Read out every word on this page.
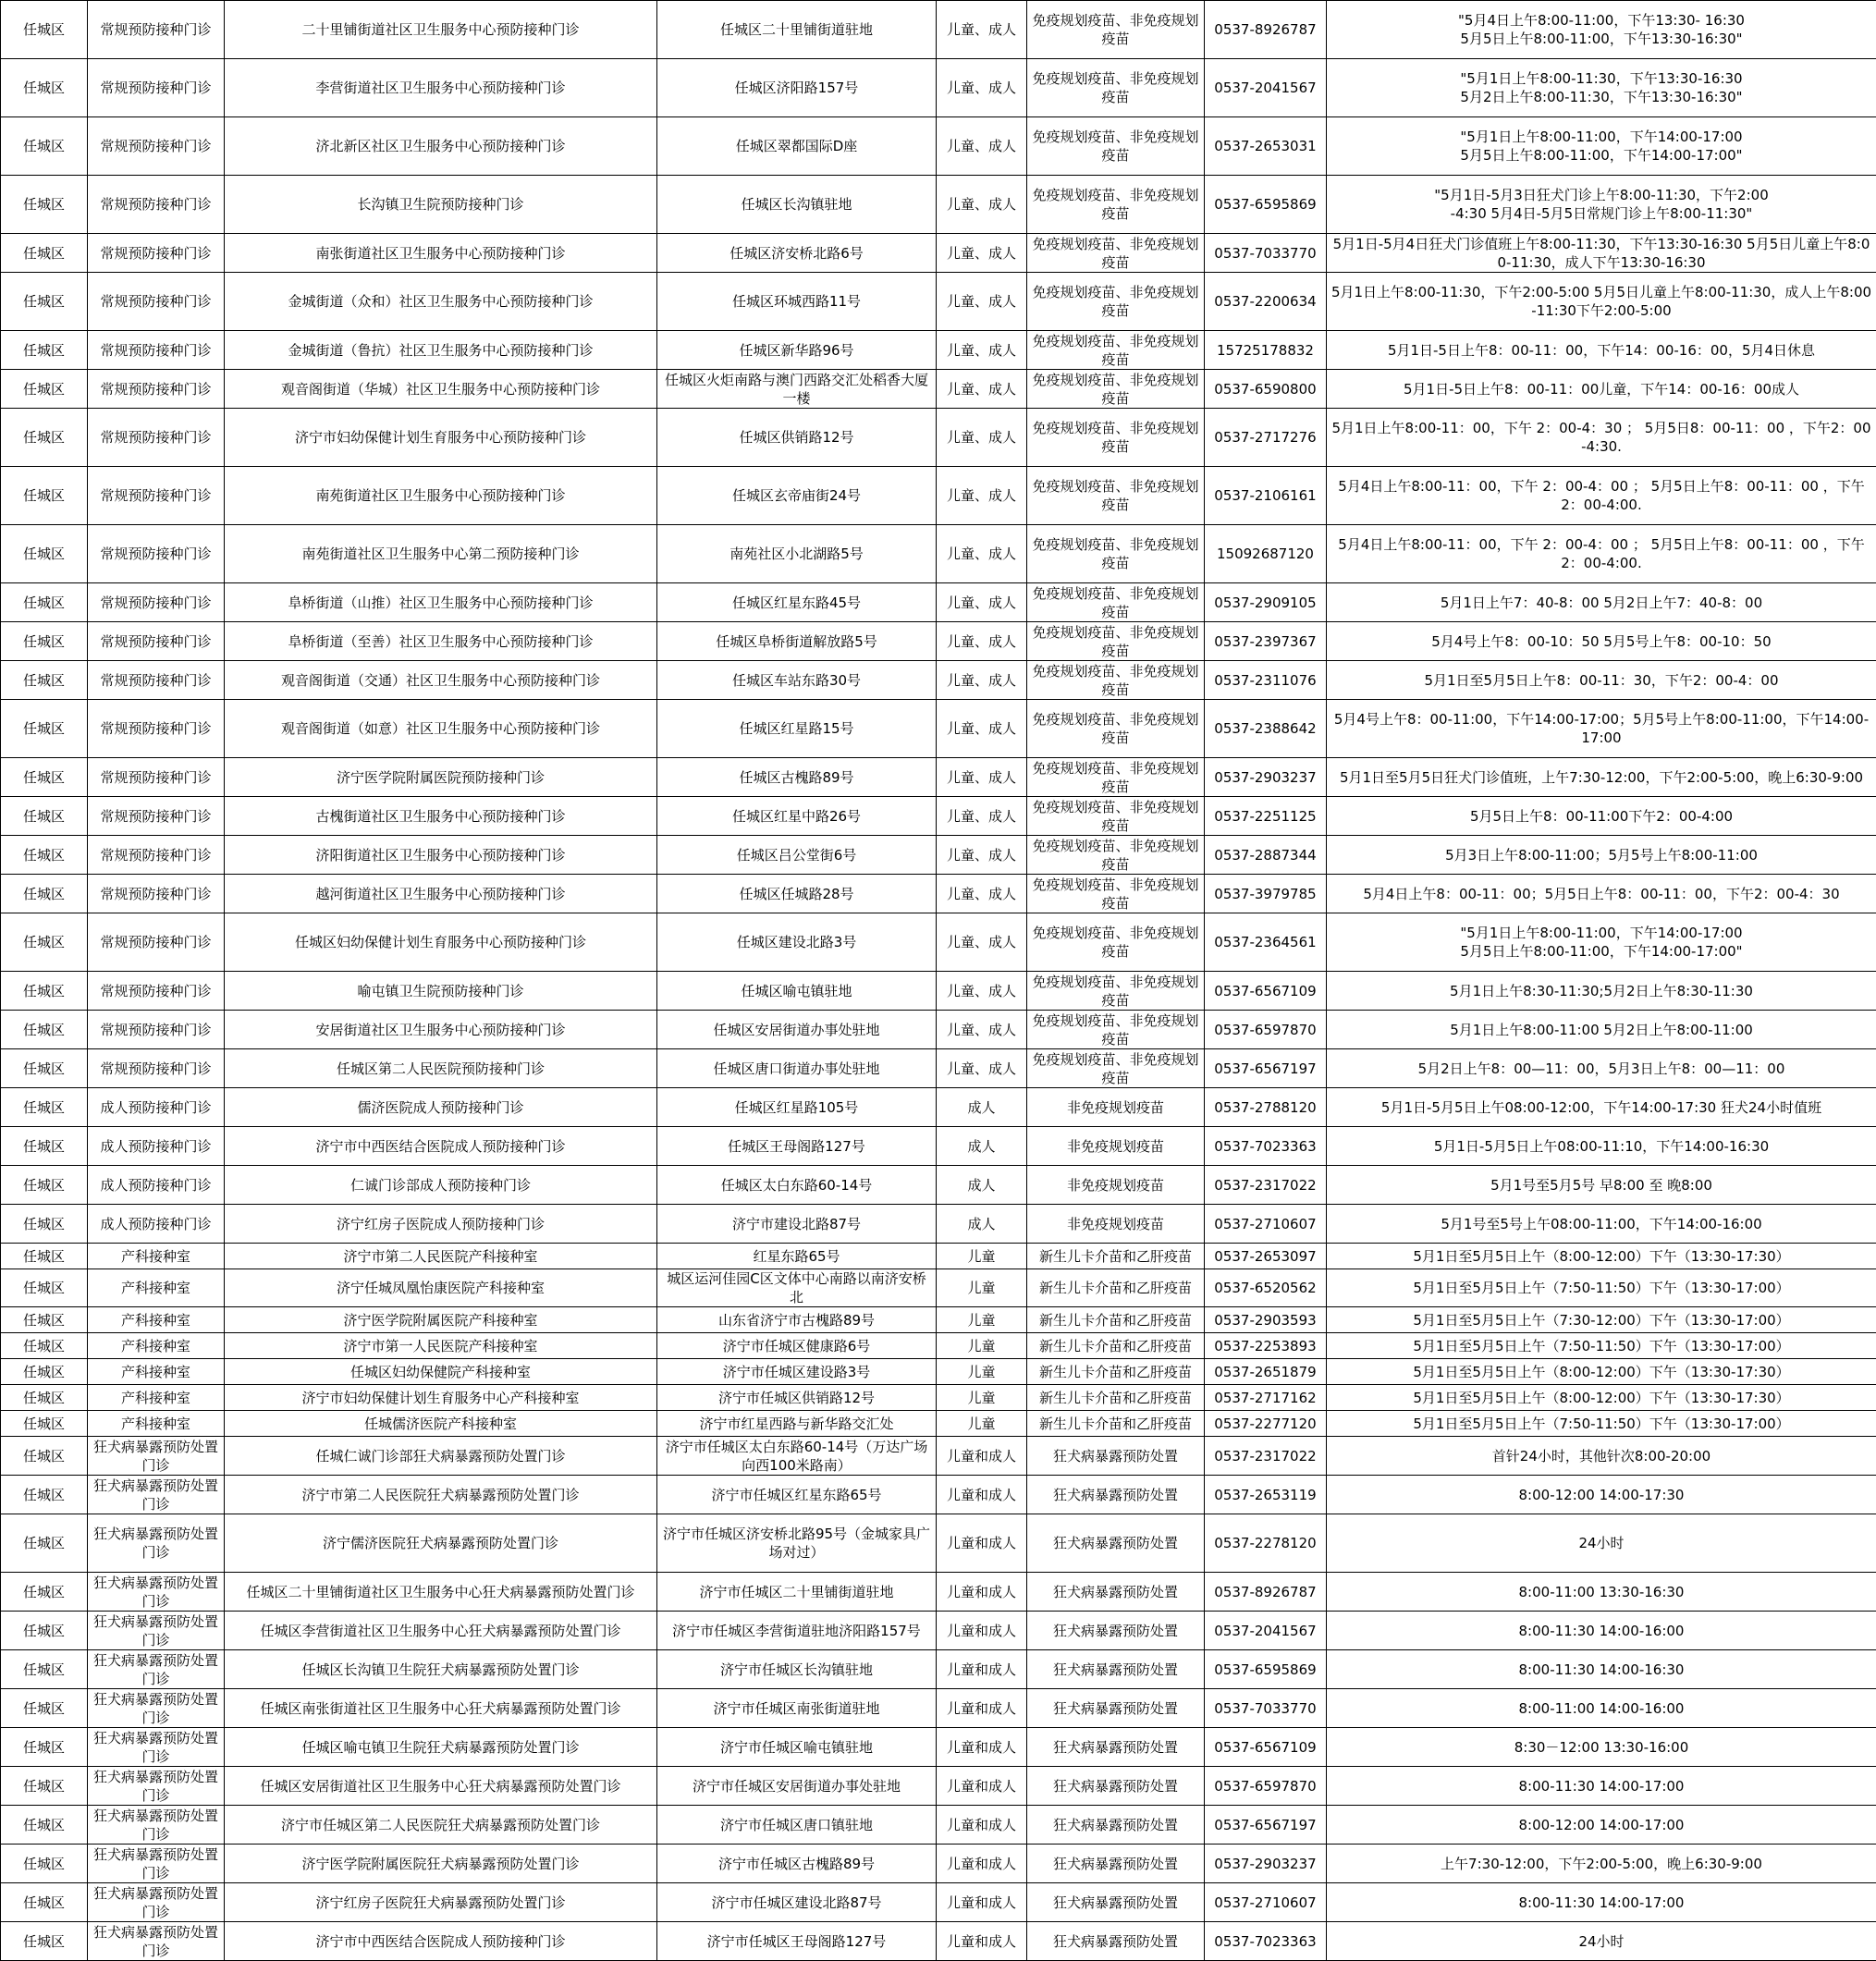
任城区	常规预防接种门诊	二十里铺街道社区卫生服务中心预防接种门诊	任城区二十里铺街道驻地	儿童、成人	免疫规划疫苗、非免疫规划疫苗	0537-8926787	"5月4日上午8:00-11:00，下午13:30- 16:30
5月5日上午8:00-11:00，下午13:30-16:30"
任城区	常规预防接种门诊	李营街道社区卫生服务中心预防接种门诊	任城区济阳路157号	儿童、成人	免疫规划疫苗、非免疫规划疫苗	0537-2041567	"5月1日上午8:00-11:30，下午13:30-16:30
5月2日上午8:00-11:30，下午13:30-16:30"
任城区	常规预防接种门诊	济北新区社区卫生服务中心预防接种门诊	任城区翠都国际D座	儿童、成人	免疫规划疫苗、非免疫规划疫苗	0537-2653031	"5月1日上午8:00-11:00，下午14:00-17:00
5月5日上午8:00-11:00，下午14:00-17:00"
任城区	常规预防接种门诊	长沟镇卫生院预防接种门诊	任城区长沟镇驻地	儿童、成人	免疫规划疫苗、非免疫规划疫苗	0537-6595869	"5月1日-5月3日狂犬门诊上午8:00-11:30，下午2:00
-4:30 5月4日-5月5日常规门诊上午8:00-11:30"
任城区	常规预防接种门诊	南张街道社区卫生服务中心预防接种门诊	任城区济安桥北路6号	儿童、成人	免疫规划疫苗、非免疫规划疫苗	0537-7033770	5月1日-5月4日狂犬门诊值班上午8:00-11:30，下午13:30-16:30 5月5日儿童上午8:00-11:30，成人下午13:30-16:30
任城区	常规预防接种门诊	金城街道（众和）社区卫生服务中心预防接种门诊	任城区环城西路11号	儿童、成人	免疫规划疫苗、非免疫规划疫苗	0537-2200634	5月1日上午8:00-11:30，下午2:00-5:00 5月5日儿童上午8:00-11:30，成人上午8:00-11:30下午2:00-5:00
任城区	常规预防接种门诊	金城街道（鲁抗）社区卫生服务中心预防接种门诊	任城区新华路96号	儿童、成人	免疫规划疫苗、非免疫规划疫苗	15725178832	5月1日-5日上午8：00-11：00，下午14：00-16：00，5月4日休息
任城区	常规预防接种门诊	观音阁街道（华城）社区卫生服务中心预防接种门诊	任城区火炬南路与澳门西路交汇处稻香大厦一楼	儿童、成人	免疫规划疫苗、非免疫规划疫苗	0537-6590800	5月1日-5日上午8：00-11：00儿童，下午14：00-16：00成人
任城区	常规预防接种门诊	济宁市妇幼保健计划生育服务中心预防接种门诊	任城区供销路12号	儿童、成人	免疫规划疫苗、非免疫规划疫苗	0537-2717276	5月1日上午8:00-11：00，下午 2：00-4：30 ； 5月5日8：00-11：00 ，下午2：00-4:30.
任城区	常规预防接种门诊	南苑街道社区卫生服务中心预防接种门诊	任城区玄帝庙街24号	儿童、成人	免疫规划疫苗、非免疫规划疫苗	0537-2106161	5月4日上午8:00-11：00，下午 2：00-4：00 ； 5月5日上午8：00-11：00 ，下午2：00-4:00.
任城区	常规预防接种门诊	南苑街道社区卫生服务中心第二预防接种门诊	南苑社区小北湖路5号	儿童、成人	免疫规划疫苗、非免疫规划疫苗	15092687120	5月4日上午8:00-11：00，下午 2：00-4：00 ； 5月5日上午8：00-11：00 ，下午2：00-4:00.
任城区	常规预防接种门诊	阜桥街道（山推）社区卫生服务中心预防接种门诊	任城区红星东路45号	儿童、成人	免疫规划疫苗、非免疫规划疫苗	0537-2909105	5月1日上午7：40-8：00 5月2日上午7：40-8：00
任城区	常规预防接种门诊	阜桥街道（至善）社区卫生服务中心预防接种门诊	任城区阜桥街道解放路5号	儿童、成人	免疫规划疫苗、非免疫规划疫苗	0537-2397367	5月4号上午8：00-10：50 5月5号上午8：00-10：50
任城区	常规预防接种门诊	观音阁街道（交通）社区卫生服务中心预防接种门诊	任城区车站东路30号	儿童、成人	免疫规划疫苗、非免疫规划疫苗	0537-2311076	5月1日至5月5日上午8：00-11：30，下午2：00-4：00
任城区	常规预防接种门诊	观音阁街道（如意）社区卫生服务中心预防接种门诊	任城区红星路15号	儿童、成人	免疫规划疫苗、非免疫规划疫苗	0537-2388642	5月4号上午8：00-11:00，下午14:00-17:00；5月5号上午8:00-11:00，下午14:00-17:00
任城区	常规预防接种门诊	济宁医学院附属医院预防接种门诊	任城区古槐路89号	儿童、成人	免疫规划疫苗、非免疫规划疫苗	0537-2903237	5月1日至5月5日狂犬门诊值班，上午7:30-12:00，下午2:00-5:00，晚上6:30-9:00
任城区	常规预防接种门诊	古槐街道社区卫生服务中心预防接种门诊	任城区红星中路26号	儿童、成人	免疫规划疫苗、非免疫规划疫苗	0537-2251125	5月5日上午8：00-11:00下午2：00-4:00
任城区	常规预防接种门诊	济阳街道社区卫生服务中心预防接种门诊	任城区吕公堂街6号	儿童、成人	免疫规划疫苗、非免疫规划疫苗	0537-2887344	5月3日上午8:00-11:00；5月5号上午8:00-11:00
任城区	常规预防接种门诊	越河街道社区卫生服务中心预防接种门诊	任城区任城路28号	儿童、成人	免疫规划疫苗、非免疫规划疫苗	0537-3979785	5月4日上午8：00-11：00；5月5日上午8：00-11：00，下午2：00-4：30
任城区	常规预防接种门诊	任城区妇幼保健计划生育服务中心预防接种门诊	任城区建设北路3号	儿童、成人	免疫规划疫苗、非免疫规划疫苗	0537-2364561	"5月1日上午8:00-11:00，下午14:00-17:00
5月5日上午8:00-11:00，下午14:00-17:00"
任城区	常规预防接种门诊	喻屯镇卫生院预防接种门诊	任城区喻屯镇驻地	儿童、成人	免疫规划疫苗、非免疫规划疫苗	0537-6567109	5月1日上午8:30-11:30;5月2日上午8:30-11:30
任城区	常规预防接种门诊	安居街道社区卫生服务中心预防接种门诊	任城区安居街道办事处驻地	儿童、成人	免疫规划疫苗、非免疫规划疫苗	0537-6597870	5月1日上午8:00-11:00 5月2日上午8:00-11:00
任城区	常规预防接种门诊	任城区第二人民医院预防接种门诊	任城区唐口街道办事处驻地	儿童、成人	免疫规划疫苗、非免疫规划疫苗	0537-6567197	5月2日上午8：00—11：00，5月3日上午8：00—11：00
任城区	成人预防接种门诊	儒济医院成人预防接种门诊	任城区红星路105号	成人	非免疫规划疫苗	0537-2788120	5月1日-5月5日上午08:00-12:00，下午14:00-17:30 狂犬24小时值班
任城区	成人预防接种门诊	济宁市中西医结合医院成人预防接种门诊	任城区王母阁路127号	成人	非免疫规划疫苗	0537-7023363	5月1日-5月5日上午08:00-11:10，下午14:00-16:30
任城区	成人预防接种门诊	仁诚门诊部成人预防接种门诊	任城区太白东路60-14号	成人	非免疫规划疫苗	0537-2317022	5月1号至5月5号 早8:00 至 晚8:00
任城区	成人预防接种门诊	济宁红房子医院成人预防接种门诊	济宁市建设北路87号	成人	非免疫规划疫苗	0537-2710607	5月1号至5号上午08:00-11:00，下午14:00-16:00
任城区	产科接种室	济宁市第二人民医院产科接种室	红星东路65号	儿童	新生儿卡介苗和乙肝疫苗	0537-2653097	5月1日至5月5日上午（8:00-12:00）下午（13:30-17:30）
任城区	产科接种室	济宁任城凤凰怡康医院产科接种室	城区运河佳园C区文体中心南路以南济安桥北	儿童	新生儿卡介苗和乙肝疫苗	0537-6520562	5月1日至5月5日上午（7:50-11:50）下午（13:30-17:00）
任城区	产科接种室	济宁医学院附属医院产科接种室	山东省济宁市古槐路89号	儿童	新生儿卡介苗和乙肝疫苗	0537-2903593	5月1日至5月5日上午（7:30-12:00）下午（13:30-17:00）
任城区	产科接种室	济宁市第一人民医院产科接种室	济宁市任城区健康路6号	儿童	新生儿卡介苗和乙肝疫苗	0537-2253893	5月1日至5月5日上午（7:50-11:50）下午（13:30-17:00）
任城区	产科接种室	任城区妇幼保健院产科接种室	济宁市任城区建设路3号	儿童	新生儿卡介苗和乙肝疫苗	0537-2651879	5月1日至5月5日上午（8:00-12:00）下午（13:30-17:30）
任城区	产科接种室	济宁市妇幼保健计划生育服务中心产科接种室	济宁市任城区供销路12号	儿童	新生儿卡介苗和乙肝疫苗	0537-2717162	5月1日至5月5日上午（8:00-12:00）下午（13:30-17:30）
任城区	产科接种室	任城儒济医院产科接种室	济宁市红星西路与新华路交汇处	儿童	新生儿卡介苗和乙肝疫苗	0537-2277120	5月1日至5月5日上午（7:50-11:50）下午（13:30-17:00）
任城区	狂犬病暴露预防处置门诊	任城仁诚门诊部狂犬病暴露预防处置门诊	济宁市任城区太白东路60-14号（万达广场向西100米路南）	儿童和成人	狂犬病暴露预防处置	0537-2317022	首针24小时，其他针次8:00-20:00
任城区	狂犬病暴露预防处置门诊	济宁市第二人民医院狂犬病暴露预防处置门诊	济宁市任城区红星东路65号	儿童和成人	狂犬病暴露预防处置	0537-2653119	8:00-12:00 14:00-17:30
任城区	狂犬病暴露预防处置门诊	济宁儒济医院狂犬病暴露预防处置门诊	济宁市任城区济安桥北路95号（金城家具广场对过）	儿童和成人	狂犬病暴露预防处置	0537-2278120	24小时
任城区	狂犬病暴露预防处置门诊	任城区二十里铺街道社区卫生服务中心狂犬病暴露预防处置门诊	济宁市任城区二十里铺街道驻地	儿童和成人	狂犬病暴露预防处置	0537-8926787	8:00-11:00 13:30-16:30
任城区	狂犬病暴露预防处置门诊	任城区李营街道社区卫生服务中心狂犬病暴露预防处置门诊	济宁市任城区李营街道驻地济阳路157号	儿童和成人	狂犬病暴露预防处置	0537-2041567	8:00-11:30 14:00-16:00
任城区	狂犬病暴露预防处置门诊	任城区长沟镇卫生院狂犬病暴露预防处置门诊	济宁市任城区长沟镇驻地	儿童和成人	狂犬病暴露预防处置	0537-6595869	8:00-11:30 14:00-16:30
任城区	狂犬病暴露预防处置门诊	任城区南张街道社区卫生服务中心狂犬病暴露预防处置门诊	济宁市任城区南张街道驻地	儿童和成人	狂犬病暴露预防处置	0537-7033770	8:00-11:00 14:00-16:00
任城区	狂犬病暴露预防处置门诊	任城区喻屯镇卫生院狂犬病暴露预防处置门诊	济宁市任城区喻屯镇驻地	儿童和成人	狂犬病暴露预防处置	0537-6567109	8:30－12:00 13:30-16:00
任城区	狂犬病暴露预防处置门诊	任城区安居街道社区卫生服务中心狂犬病暴露预防处置门诊	济宁市任城区安居街道办事处驻地	儿童和成人	狂犬病暴露预防处置	0537-6597870	8:00-11:30 14:00-17:00
任城区	狂犬病暴露预防处置门诊	济宁市任城区第二人民医院狂犬病暴露预防处置门诊	济宁市任城区唐口镇驻地	儿童和成人	狂犬病暴露预防处置	0537-6567197	8:00-12:00 14:00-17:00
任城区	狂犬病暴露预防处置门诊	济宁医学院附属医院狂犬病暴露预防处置门诊	济宁市任城区古槐路89号	儿童和成人	狂犬病暴露预防处置	0537-2903237	上午7:30-12:00，下午2:00-5:00，晚上6:30-9:00
任城区	狂犬病暴露预防处置门诊	济宁红房子医院狂犬病暴露预防处置门诊	济宁市任城区建设北路87号	儿童和成人	狂犬病暴露预防处置	0537-2710607	8:00-11:30 14:00-17:00
任城区	狂犬病暴露预防处置门诊	济宁市中西医结合医院成人预防接种门诊	济宁市任城区王母阁路127号	儿童和成人	狂犬病暴露预防处置	0537-7023363	24小时
